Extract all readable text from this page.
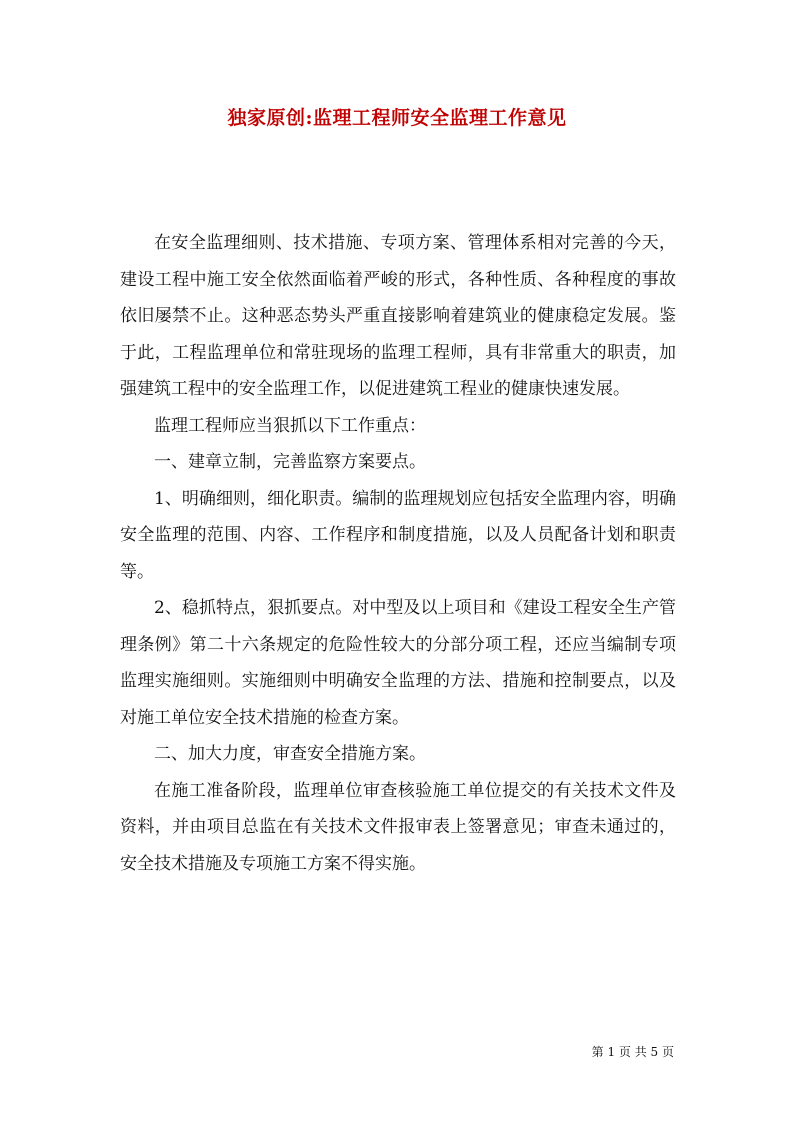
独家原创:监理工程师安全监理工作意见

在安全监理细则、技术措施、专项方案、管理体系相对完善的今天，建设工程中施工安全依然面临着严峻的形式，各种性质、各种程度的事故依旧屡禁不止。这种恶态势头严重直接影响着建筑业的健康稳定发展。鉴于此，工程监理单位和常驻现场的监理工程师，具有非常重大的职责，加强建筑工程中的安全监理工作，以促进建筑工程业的健康快速发展。

监理工程师应当狠抓以下工作重点：

一、建章立制，完善监察方案要点。

1、明确细则，细化职责。编制的监理规划应包括安全监理内容，明确安全监理的范围、内容、工作程序和制度措施，以及人员配备计划和职责等。

2、稳抓特点，狠抓要点。对中型及以上项目和《建设工程安全生产管理条例》第二十六条规定的危险性较大的分部分项工程，还应当编制专项监理实施细则。实施细则中明确安全监理的方法、措施和控制要点，以及对施工单位安全技术措施的检查方案。

二、加大力度，审查安全措施方案。

在施工准备阶段，监理单位审查核验施工单位提交的有关技术文件及资料，并由项目总监在有关技术文件报审表上签署意见；审查未通过的，安全技术措施及专项施工方案不得实施。

第 1 页 共 5 页
